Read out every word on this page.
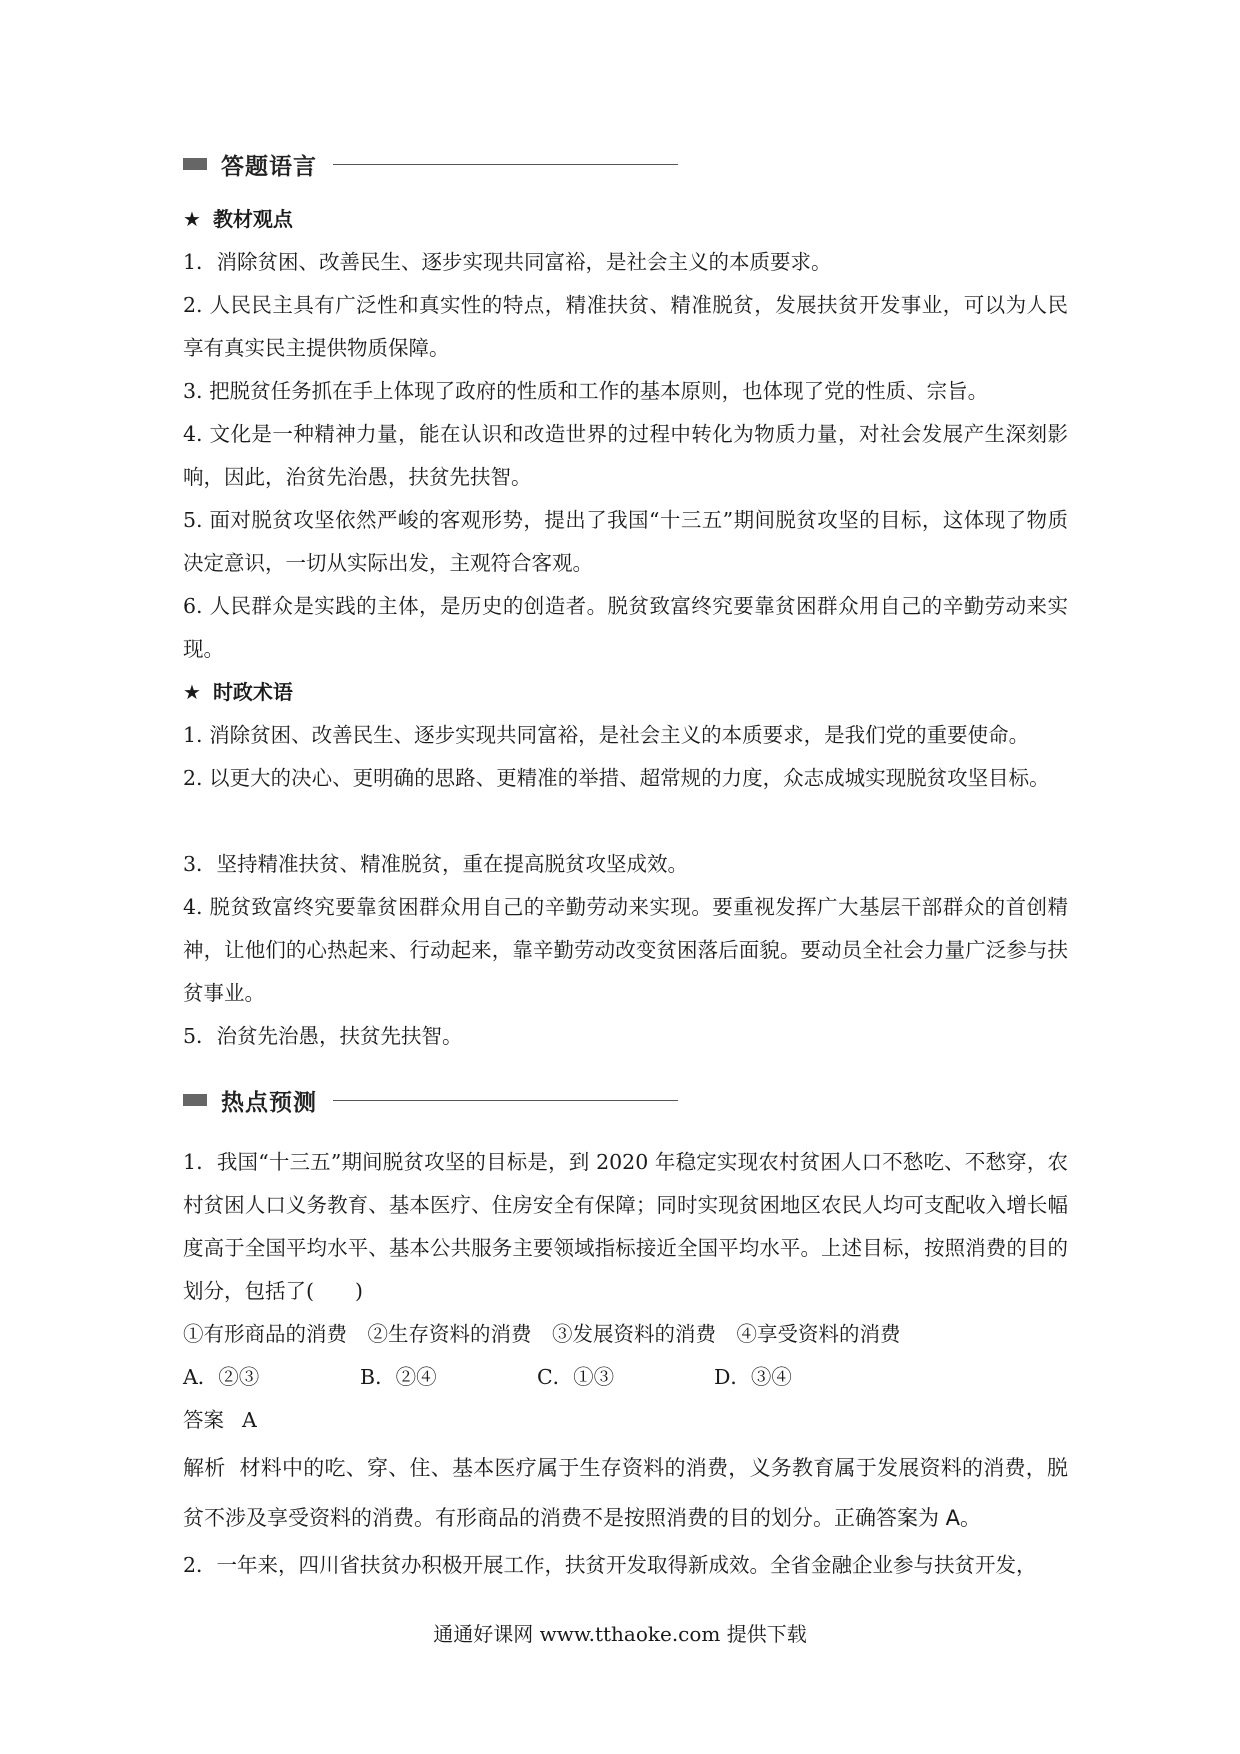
答题语言
★ 教材观点
1．消除贫困、改善民生、逐步实现共同富裕，是社会主义的本质要求。
2. 人民民主具有广泛性和真实性的特点，精准扶贫、精准脱贫，发展扶贫开发事业，可以为人民享有真实民主提供物质保障。
3. 把脱贫任务抓在手上体现了政府的性质和工作的基本原则，也体现了党的性质、宗旨。
4. 文化是一种精神力量，能在认识和改造世界的过程中转化为物质力量，对社会发展产生深刻影响，因此，治贫先治愚，扶贫先扶智。
5. 面对脱贫攻坚依然严峻的客观形势，提出了我国“十三五”期间脱贫攻坚的目标，这体现了物质决定意识，一切从实际出发，主观符合客观。
6. 人民群众是实践的主体，是历史的创造者。脱贫致富终究要靠贫困群众用自己的辛勤劳动来实现。
★ 时政术语
1. 消除贫困、改善民生、逐步实现共同富裕，是社会主义的本质要求，是我们党的重要使命。
2. 以更大的决心、更明确的思路、更精准的举措、超常规的力度，众志成城实现脱贫攻坚目标。
3．坚持精准扶贫、精准脱贫，重在提高脱贫攻坚成效。
4. 脱贫致富终究要靠贫困群众用自己的辛勤劳动来实现。要重视发挥广大基层干部群众的首创精神，让他们的心热起来、行动起来，靠辛勤劳动改变贫困落后面貌。要动员全社会力量广泛参与扶贫事业。
5．治贫先治愚，扶贫先扶智。
热点预测
1．我国“十三五”期间脱贫攻坚的目标是，到 2020 年稳定实现农村贫困人口不愁吃、不愁穿，农村贫困人口义务教育、基本医疗、住房安全有保障；同时实现贫困地区农民人均可支配收入增长幅度高于全国平均水平、基本公共服务主要领域指标接近全国平均水平。上述目标，按照消费的目的划分，包括了(　　)
①有形商品的消费　②生存资料的消费　③发展资料的消费　④享受资料的消费
A．②③	B．②④	C．①③	D．③④
答案 A
解析 材料中的吃、穿、住、基本医疗属于生存资料的消费，义务教育属于发展资料的消费，脱贫不涉及享受资料的消费。有形商品的消费不是按照消费的目的划分。正确答案为 A。
2．一年来，四川省扶贫办积极开展工作，扶贫开发取得新成效。全省金融企业参与扶贫开发，
通通好课网 www.tthaoke.com 提供下载
